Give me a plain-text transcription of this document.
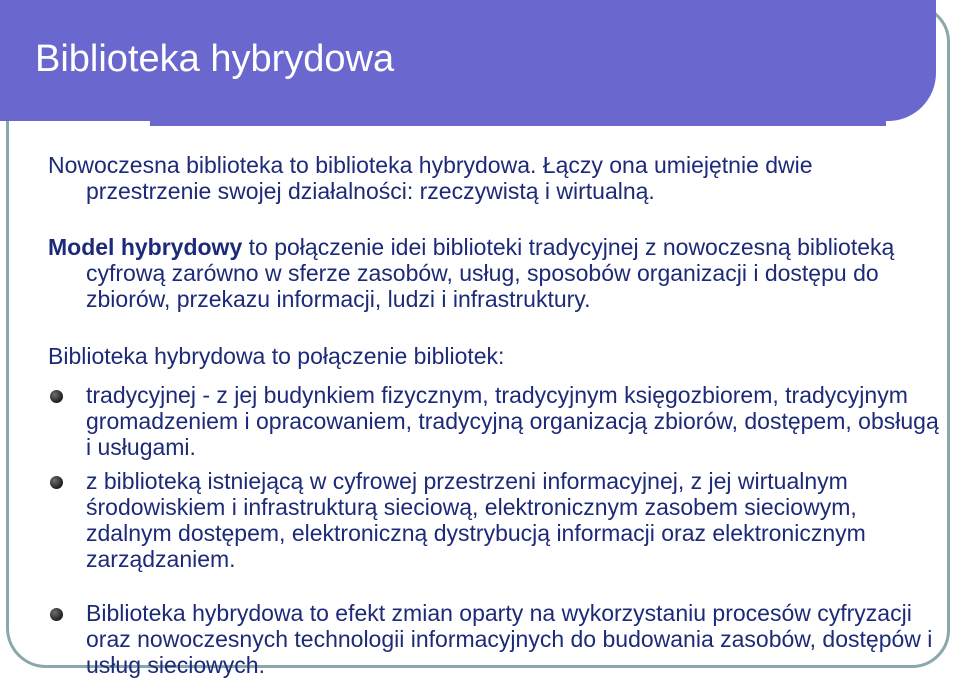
Biblioteka hybrydowa

Nowoczesna biblioteka to biblioteka hybrydowa. Łączy ona umiejętnie dwie przestrzenie swojej działalności: rzeczywistą i wirtualną.

Model hybrydowy to połączenie idei biblioteki tradycyjnej z nowoczesną biblioteką cyfrową zarówno w sferze zasobów, usług, sposobów organizacji i dostępu do zbiorów, przekazu informacji, ludzi i infrastruktury.

Biblioteka hybrydowa to połączenie bibliotek:

tradycyjnej - z jej budynkiem fizycznym, tradycyjnym księgozbiorem, tradycyjnym gromadzeniem i opracowaniem, tradycyjną organizacją zbiorów, dostępem, obsługą i usługami.
z biblioteką istniejącą w cyfrowej przestrzeni informacyjnej, z jej wirtualnym środowiskiem i infrastrukturą sieciową, elektronicznym zasobem sieciowym, zdalnym dostępem, elektroniczną dystrybucją informacji oraz elektronicznym zarządzaniem.
Biblioteka hybrydowa to efekt zmian oparty na wykorzystaniu procesów cyfryzacji oraz nowoczesnych technologii informacyjnych do budowania zasobów, dostępów i usług sieciowych.
